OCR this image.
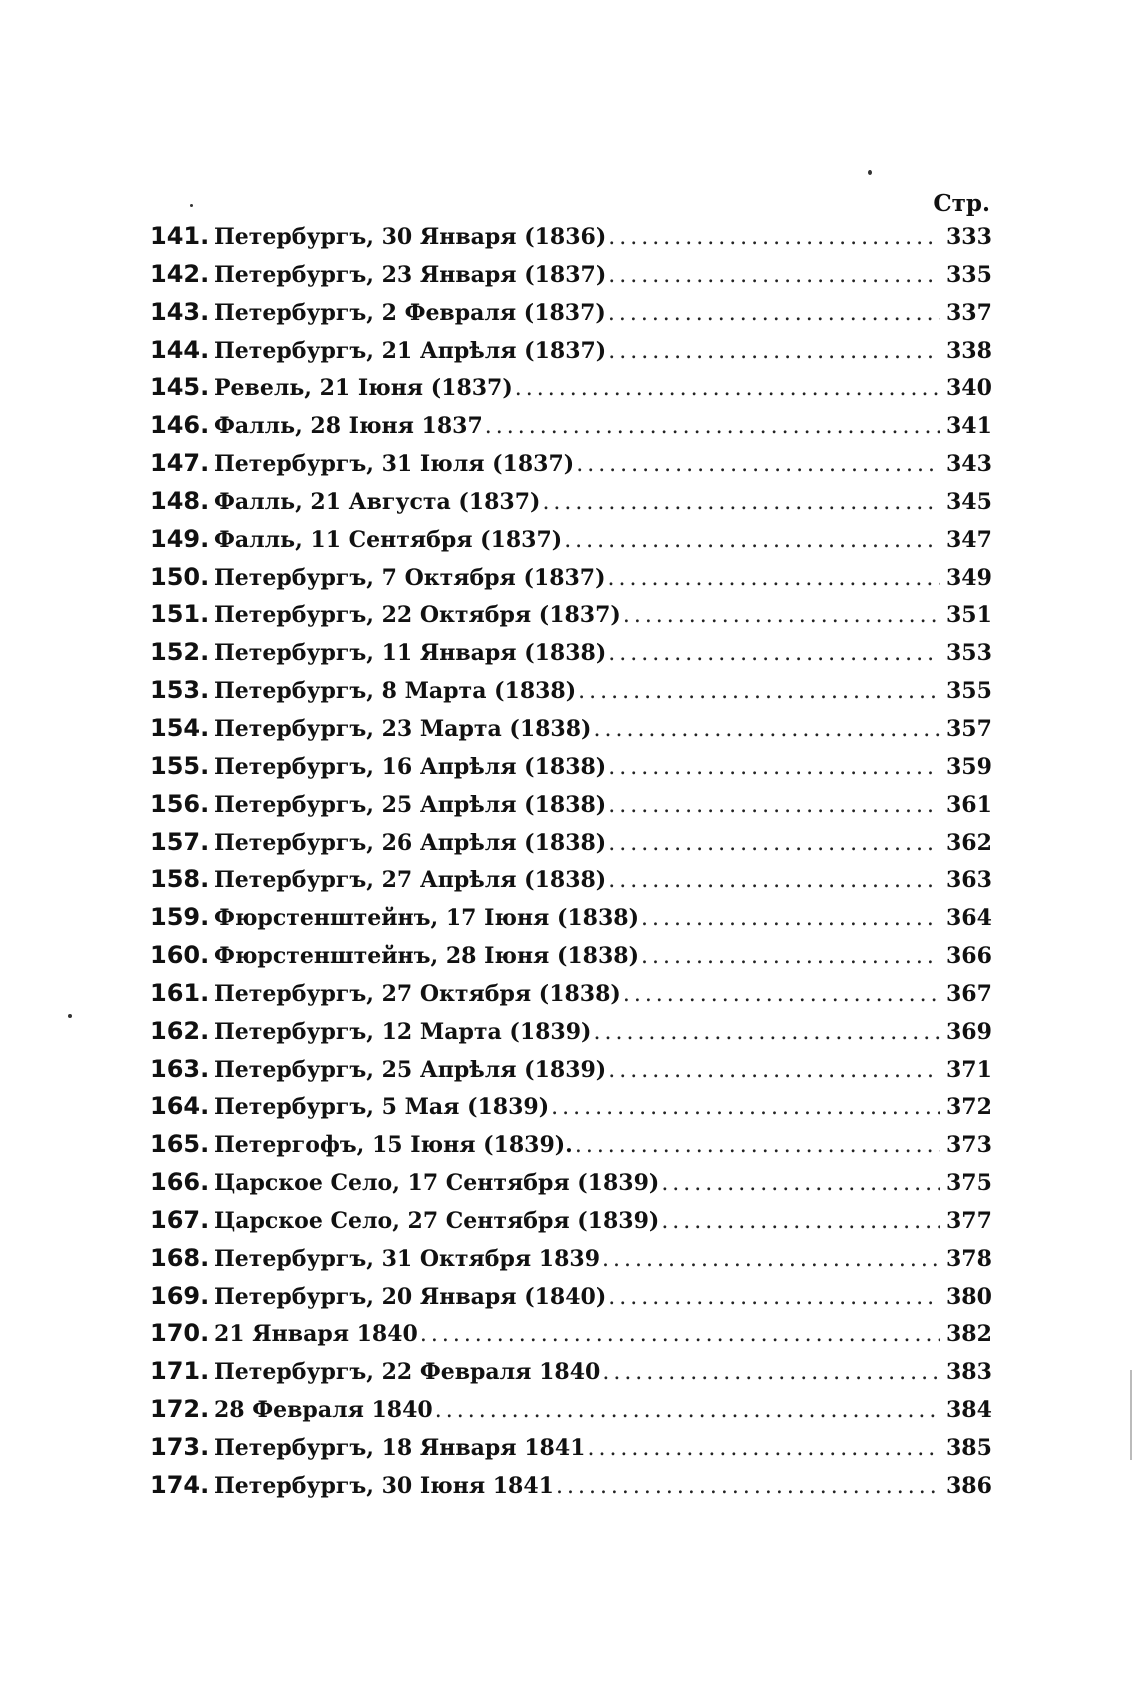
Стр.
141. Петербургъ, 30 Января (1836) .....	333
142. Петербургъ, 23 Января (1837) .....	335
143. Петербургъ, 2 Февраля (1837) .....	337
144. Петербургъ, 21 Апрѣля (1837) .....	338
145. Ревель, 21 Іюня (1837) .....	340
146. Фалль, 28 Іюня 1837 .....	341
147. Петербургъ, 31 Іюля (1837) .....	343
148. Фалль, 21 Августа (1837) .....	345
149. Фалль, 11 Сентября (1837) .....	347
150. Петербургъ, 7 Октября (1837) .....	349
151. Петербургъ, 22 Октября (1837) .....	351
152. Петербургъ, 11 Января (1838) .....	353
153. Петербургъ, 8 Марта (1838) .....	355
154. Петербургъ, 23 Марта (1838) .....	357
155. Петербургъ, 16 Апрѣля (1838) .....	359
156. Петербургъ, 25 Апрѣля (1838) .....	361
157. Петербургъ, 26 Апрѣля (1838) .....	362
158. Петербургъ, 27 Апрѣля (1838) .....	363
159. Фюрстенштейнъ, 17 Іюня (1838) .....	364
160. Фюрстенштейнъ, 28 Іюня (1838) .....	366
161. Петербургъ, 27 Октября (1838) .....	367
162. Петербургъ, 12 Марта (1839) .....	369
163. Петербургъ, 25 Апрѣля (1839) .....	371
164. Петербургъ, 5 Мая (1839) .....	372
165. Петергофъ, 15 Іюня (1839). .....	373
166. Царское Село, 17 Сентября (1839) .....	375
167. Царское Село, 27 Сентября (1839) .....	377
168. Петербургъ, 31 Октября 1839 .....	378
169. Петербургъ, 20 Января (1840) .....	380
170. 21 Января 1840 .....	382
171. Петербургъ, 22 Февраля 1840 .....	383
172. 28 Февраля 1840 .....	384
173. Петербургъ, 18 Января 1841 .....	385
174. Петербургъ, 30 Іюня 1841 .....	386
